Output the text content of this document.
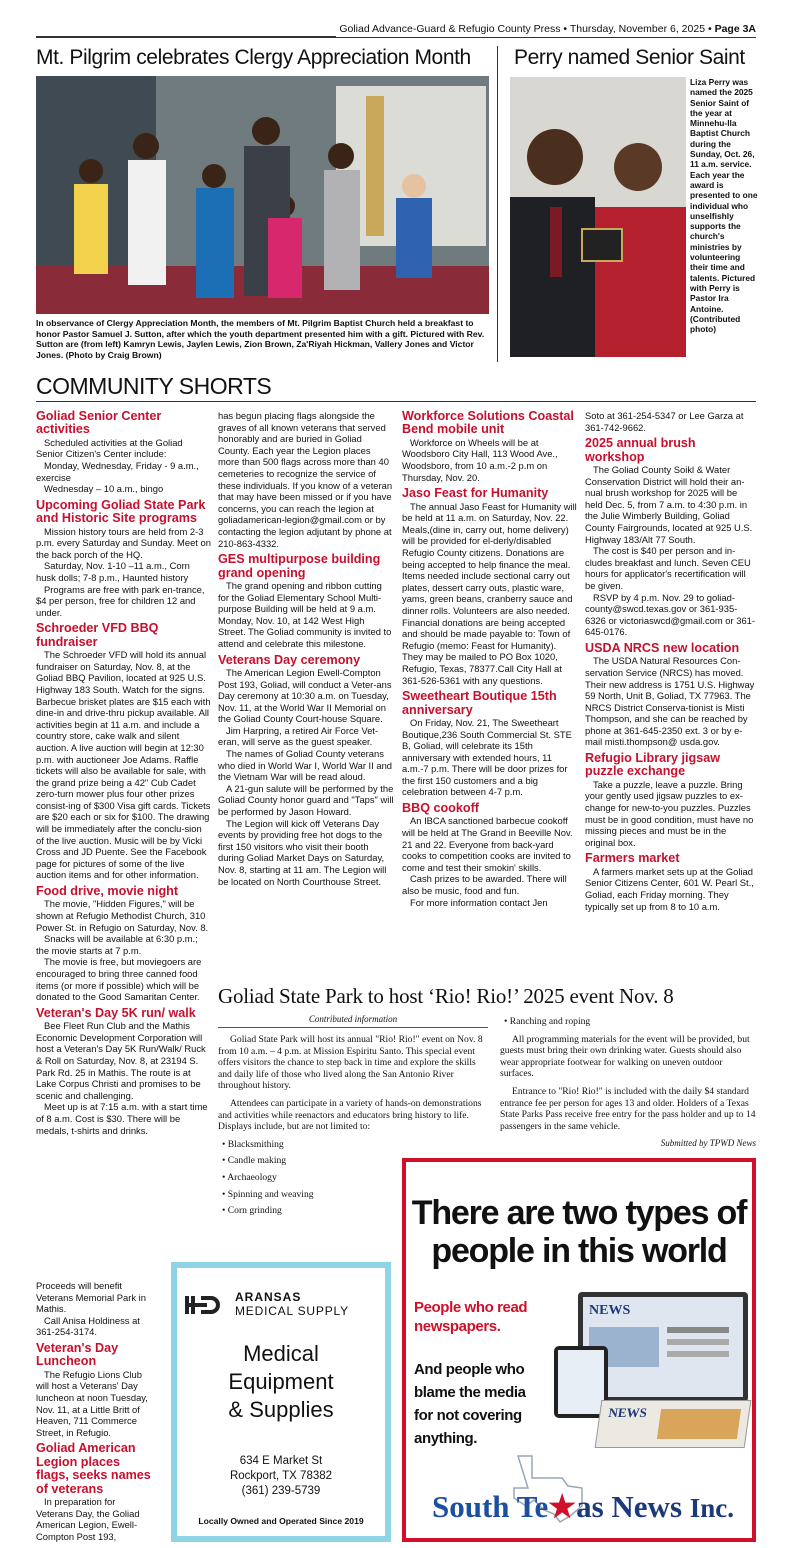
Goliad Advance-Guard & Refugio County Press • Thursday, November 6, 2025 • Page 3A
Mt. Pilgrim celebrates Clergy Appreciation Month
In observance of Clergy Appreciation Month, the members of Mt. Pilgrim Baptist Church held a breakfast to honor Pastor Samuel J. Sutton, after which the youth department presented him with a gift. Pictured with Rev. Sutton are (from left) Kamryn Lewis, Jaylen Lewis, Zion Brown, Za'Riyah Hickman, Vallery Jones and Victor Jones. (Photo by Craig Brown)
Perry named Senior Saint
Liza Perry was named the 2025 Senior Saint of the year at Minnehu-lla Baptist Church during the Sunday, Oct. 26, 11 a.m. service. Each year the award is presented to one individual who unselfishly supports the church's ministries by volunteering their time and talents. Pictured with Perry is Pastor Ira Antoine. (Contributed photo)
COMMUNITY SHORTS
Goliad Senior Center activities

Scheduled activities at the Goliad Senior Citizen's Center include:

Monday, Wednesday, Friday - 9 a.m., exercise

Wednesday – 10 a.m., bingo

Upcoming Goliad State Park and Historic Site programs

Mission history tours are held from 2-3 p.m. every Saturday and Sunday. Meet on the back porch of the HQ.

Saturday, Nov. 1-10 –11 a.m., Corn husk dolls; 7-8 p.m., Haunted history

Programs are free with park en-trance, $4 per person, free for children 12 and under.

Schroeder VFD BBQ fundraiser

The Schroeder VFD will hold its annual fundraiser on Saturday, Nov. 8, at the Goliad BBQ Pavilion, located at 925 U.S. Highway 183 South. Watch for the signs. Barbecue brisket plates are $15 each with dine-in and drive-thru pickup available. All activities begin at 11 a.m. and include a country store, cake walk and silent auction. A live auction will begin at 12:30 p.m. with auctioneer Joe Adams. Raffle tickets will also be available for sale, with the grand prize being a 42" Cub Cadet zero-turn mower plus four other prizes consist-ing of $300 Visa gift cards. Tickets are $20 each or six for $100. The drawing will be immediately after the conclu-sion of the live auction. Music will be by Vicki Cross and JD Puente. See the Facebook page for pictures of some of the live auction items and for other information.

Food drive, movie night

The movie, "Hidden Figures," will be shown at Refugio Methodist Church, 310 Power St. in Refugio on Saturday, Nov. 8.

Snacks will be available at 6:30 p.m.; the movie starts at 7 p.m.

The movie is free, but moviegoers are encouraged to bring three canned food items (or more if possible) which will be donated to the Good Samaritan Center.

Veteran's Day 5K run/ walk

Bee Fleet Run Club and the Mathis Economic Development Corporation will host a Veteran's Day 5K Run/Walk/ Ruck & Roll on Saturday, Nov. 8, at 23194 S. Park Rd. 25 in Mathis. The route is at Lake Corpus Christi and promises to be scenic and challenging.

Meet up is at 7:15 a.m. with a start time of 8 a.m. Cost is $30. There will be medals, t-shirts and drinks.

Proceeds will benefit Veterans Memorial Park in Mathis.

Call Anisa Holdiness at 361-254-3174.

Veteran's Day Luncheon

The Refugio Lions Club will host a Veterans' Day luncheon at noon Tuesday, Nov. 11, at a Little Britt of Heaven, 711 Commerce Street, in Refugio.

Goliad American Legion places flags, seeks names of veterans

In preparation for Veterans Day, the Goliad American Legion, Ewell-Compton Post 193,

has begun placing flags alongside the graves of all known veterans that served honorably and are buried in Goliad County. Each year the Legion places more than 500 flags across more than 40 cemeteries to recognize the service of these individuals. If you know of a veteran that may have been missed or if you have concerns, you can reach the legion at goliadamerican-legion@gmail.com or by contacting the legion adjutant by phone at 210-863-4332.

GES multipurpose building grand opening

The grand opening and ribbon cutting for the Goliad Elementary School Multi-purpose Building will be held at 9 a.m. Monday, Nov. 10, at 142 West High Street. The Goliad community is invited to attend and celebrate this milestone.

Veterans Day ceremony

The American Legion Ewell-Compton Post 193, Goliad, will conduct a Veter-ans Day ceremony at 10:30 a.m. on Tuesday, Nov. 11, at the World War II Memorial on the Goliad County Court-house Square.

Jim Harpring, a retired Air Force Vet-eran, will serve as the guest speaker.

The names of Goliad County veterans who died in World War I, World War II and the Vietnam War will be read aloud.

A 21-gun salute will be performed by the Goliad County honor guard and "Taps" will be performed by Jason Howard.

The Legion will kick off Veterans Day events by providing free hot dogs to the first 150 visitors who visit their booth during Goliad Market Days on Saturday, Nov. 8, starting at 11 am. The Legion will be located on North Courthouse Street.

Workforce Solutions Coastal Bend mobile unit

Workforce on Wheels will be at Woodsboro City Hall, 113 Wood Ave., Woodsboro, from 10 a.m.-2 p.m on Thursday, Nov. 20.

Jaso Feast for Humanity

The annual Jaso Feast for Humanity will be held at 11 a.m. on Saturday, Nov. 22. Meals,(dine in, carry out, home delivery) will be provided for el-derly/disabled Refugio County citizens. Donations are being accepted to help finance the meal. Items needed include sectional carry out plates, dessert carry outs, plastic ware, yams, green beans, cranberry sauce and dinner rolls. Volunteers are also needed. Financial donations are being accepted and should be made payable to: Town of Refugio (memo: Feast for Humanity). They may be mailed to PO Box 1020, Refugio, Texas, 78377.Call City Hall at 361-526-5361 with any questions.

Sweetheart Boutique 15th anniversary

On Friday, Nov. 21, The Sweetheart Boutique,236 South Commercial St. STE B, Goliad, will celebrate its 15th anniversary with extended hours, 11 a.m.-7 p.m. There will be door prizes for the first 150 customers and a big celebration between 4-7 p.m.

BBQ cookoff

An IBCA sanctioned barbecue cookoff will be held at The Grand in Beeville Nov. 21 and 22. Everyone from back-yard cooks to competition cooks are invited to come and test their smokin' skills.

Cash prizes to be awarded. There will also be music, food and fun.

For more information contact Jen

Soto at 361-254-5347 or Lee Garza at 361-742-9662.

2025 annual brush workshop

The Goliad County Soikl & Water Conservation District will hold their an-nual brush workshop for 2025 will be held Dec. 5, from 7 a.m. to 4:30 p.m. in the Julie Wimberly Building, Goliad County Fairgrounds, located at 925 U.S. Highway 183/Alt 77 South.

The cost is $40 per person and in-cludes breakfast and lunch. Seven CEU hours for applicator's recertification will be given.

RSVP by 4 p.m. Nov. 29 to goliad-county@swcd.texas.gov or 361-935-6326 or victoriaswcd@gmail.com or 361-645-0176.

USDA NRCS new location

The USDA Natural Resources Con-servation Service (NRCS) has moved. Their new address is 1751 U.S. Highway 59 North, Unit B, Goliad, TX 77963. The NRCS District Conserva-tionist is Misti Thompson, and she can be reached by phone at 361-645-2350 ext. 3 or by e-mail misti.thompson@ usda.gov.

Refugio Library jigsaw puzzle exchange

Take a puzzle, leave a puzzle. Bring your gently used jigsaw puzzles to ex-change for new-to-you puzzles. Puzzles must be in good condition, must have no missing pieces and must be in the original box.

Farmers market

A farmers market sets up at the Goliad Senior Citizens Center, 601 W. Pearl St., Goliad, each Friday morning. They typically set up from 8 to 10 a.m.

Goliad State Park to host ‘Rio! Rio!’ 2025 event Nov. 8
Contributed information

Goliad State Park will host its annual "Rio! Rio!" event on Nov. 8 from 10 a.m. – 4 p.m. at Mission Espiritu Santo. This special event offers visitors the chance to step back in time and explore the skills and daily life of those who lived along the San Antonio River throughout history.

Attendees can participate in a variety of hands-on demonstrations and activities while reenactors and educators bring history to life. Displays include, but are not limited to:

• Blacksmithing
• Candle making
• Archaeology
• Spinning and weaving
• Corn grinding
• Ranching and roping

All programming materials for the event will be provided, but guests must bring their own drinking water. Guests should also wear appropriate footwear for walking on uneven outdoor surfaces.

Entrance to "Rio! Rio!" is included with the daily $4 standard entrance fee per person for ages 13 and older. Holders of a Texas State Parks Pass receive free entry for the pass holder and up to 14 passengers in the same vehicle.

Submitted by TPWD News
ARANSAS
MEDICAL SUPPLY
Medical
Equipment
& Supplies
634 E Market St
Rockport, TX 78382
(361) 239-5739
Locally Owned and Operated Since 2019
There are two types of
people in this world
People who read
newspapers.
And people who
blame the media
for not covering
anything.
NEWS
NEWS
South Te★as News Inc.
